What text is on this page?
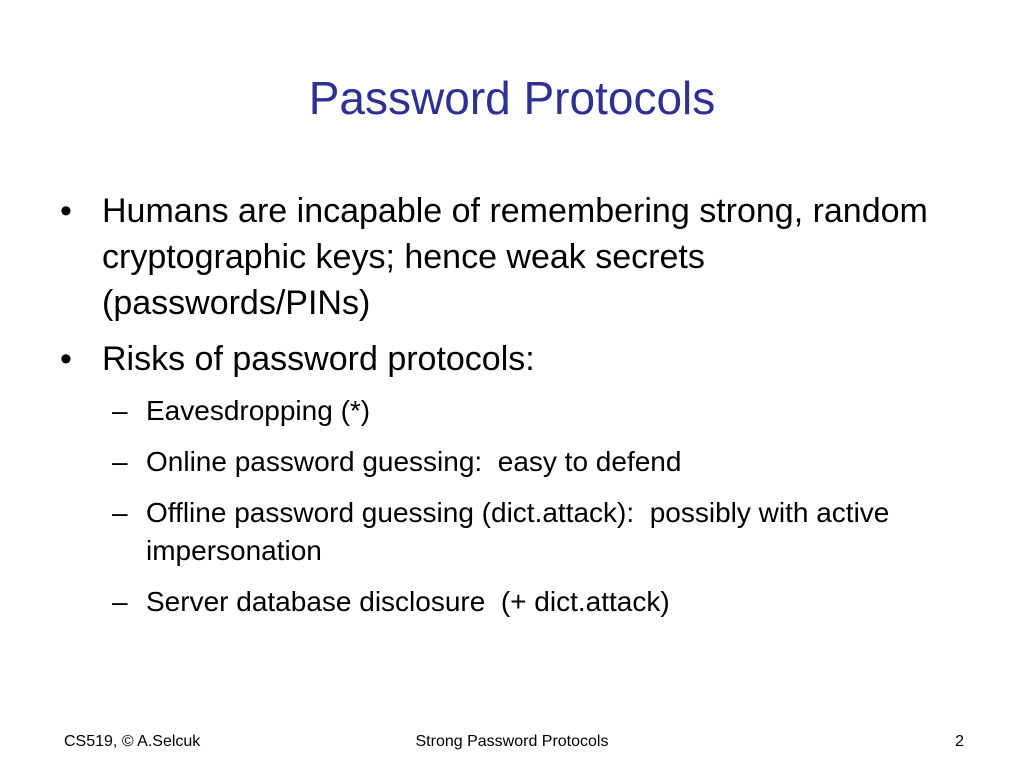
Password Protocols
• Humans are incapable of remembering strong, random cryptographic keys; hence weak secrets (passwords/PINs)
• Risks of password protocols:
– Eavesdropping (*)
– Online password guessing:  easy to defend
– Offline password guessing (dict.attack):  possibly with active impersonation
– Server database disclosure  (+ dict.attack)
CS519, © A.Selcuk	Strong Password Protocols	2
